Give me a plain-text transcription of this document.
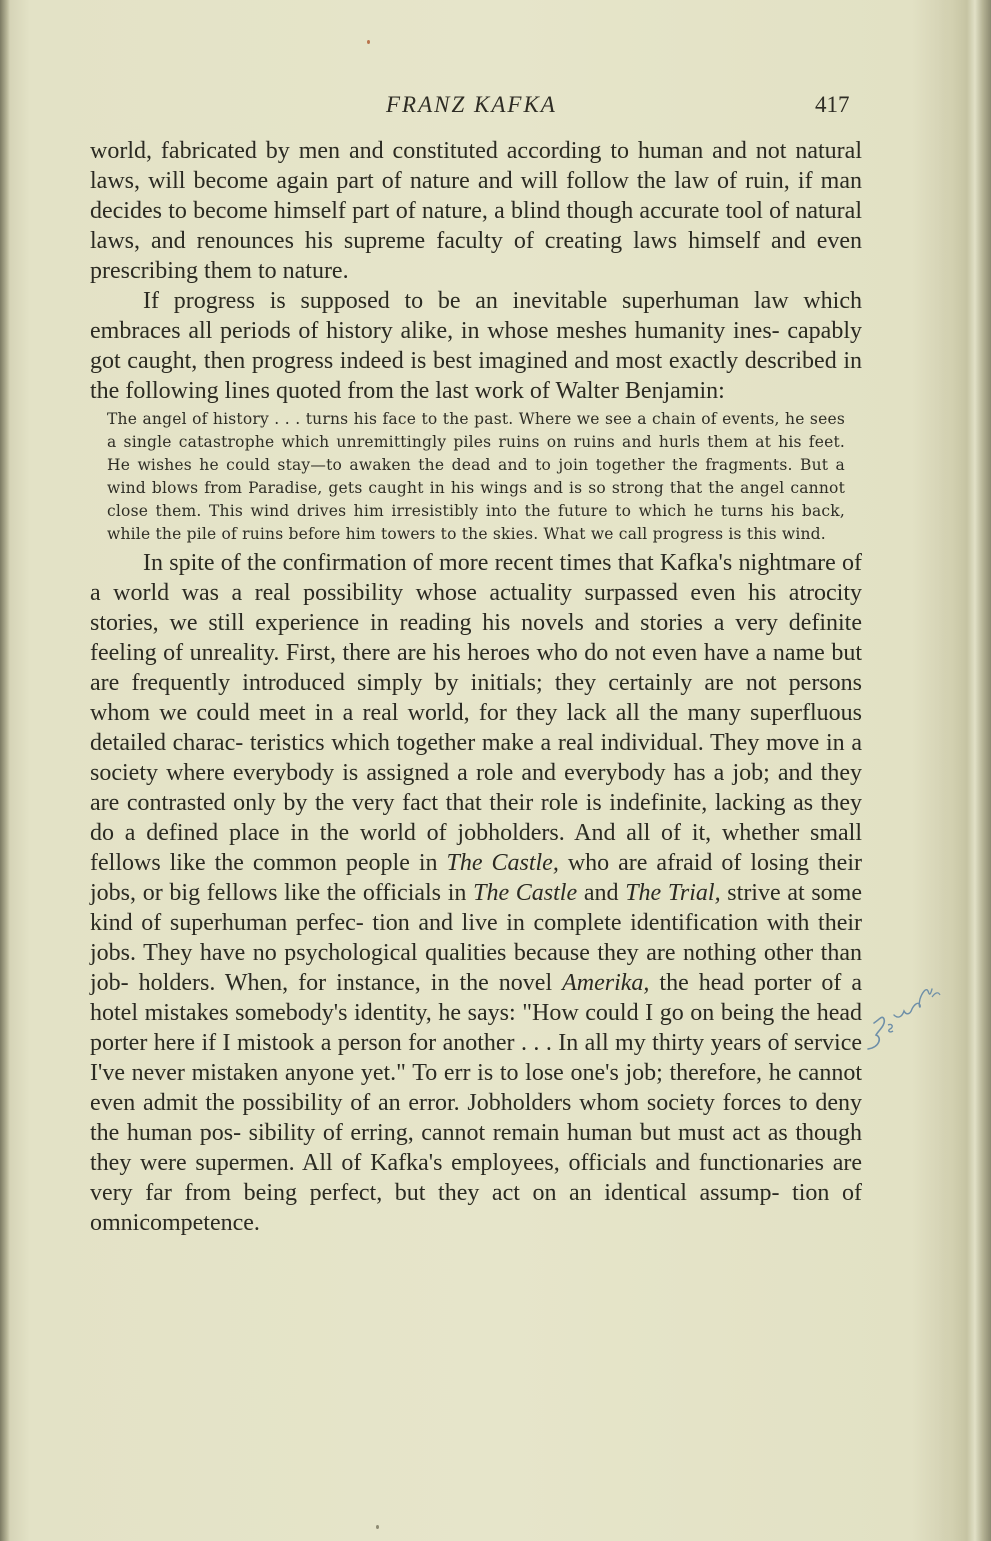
FRANZ KAFKA	417

world, fabricated by men and constituted according to human and not natural laws, will become again part of nature and will follow the law of ruin, if man decides to become himself part of nature, a blind though accurate tool of natural laws, and renounces his supreme faculty of creating laws himself and even prescribing them to nature.

If progress is supposed to be an inevitable superhuman law which embraces all periods of history alike, in whose meshes humanity ines- capably got caught, then progress indeed is best imagined and most exactly described in the following lines quoted from the last work of Walter Benjamin:

The angel of history . . . turns his face to the past. Where we see a chain of events, he sees a single catastrophe which unremittingly piles ruins on ruins and hurls them at his feet. He wishes he could stay—to awaken the dead and to join together the fragments. But a wind blows from Paradise, gets caught in his wings and is so strong that the angel cannot close them. This wind drives him irresistibly into the future to which he turns his back, while the pile of ruins before him towers to the skies. What we call progress is this wind.

In spite of the confirmation of more recent times that Kafka's nightmare of a world was a real possibility whose actuality surpassed even his atrocity stories, we still experience in reading his novels and stories a very definite feeling of unreality. First, there are his heroes who do not even have a name but are frequently introduced simply by initials; they certainly are not persons whom we could meet in a real world, for they lack all the many superfluous detailed charac- teristics which together make a real individual. They move in a society where everybody is assigned a role and everybody has a job; and they are contrasted only by the very fact that their role is indefinite, lacking as they do a defined place in the world of jobholders. And all of it, whether small fellows like the common people in The Castle, who are afraid of losing their jobs, or big fellows like the officials in The Castle and The Trial, strive at some kind of superhuman perfec- tion and live in complete identification with their jobs. They have no psychological qualities because they are nothing other than job- holders. When, for instance, in the novel Amerika, the head porter of a hotel mistakes somebody's identity, he says: "How could I go on being the head porter here if I mistook a person for another . . . In all my thirty years of service I've never mistaken anyone yet." To err is to lose one's job; therefore, he cannot even admit the possibility of an error. Jobholders whom society forces to deny the human pos- sibility of erring, cannot remain human but must act as though they were supermen. All of Kafka's employees, officials and functionaries are very far from being perfect, but they act on an identical assump- tion of omnicompetence.
